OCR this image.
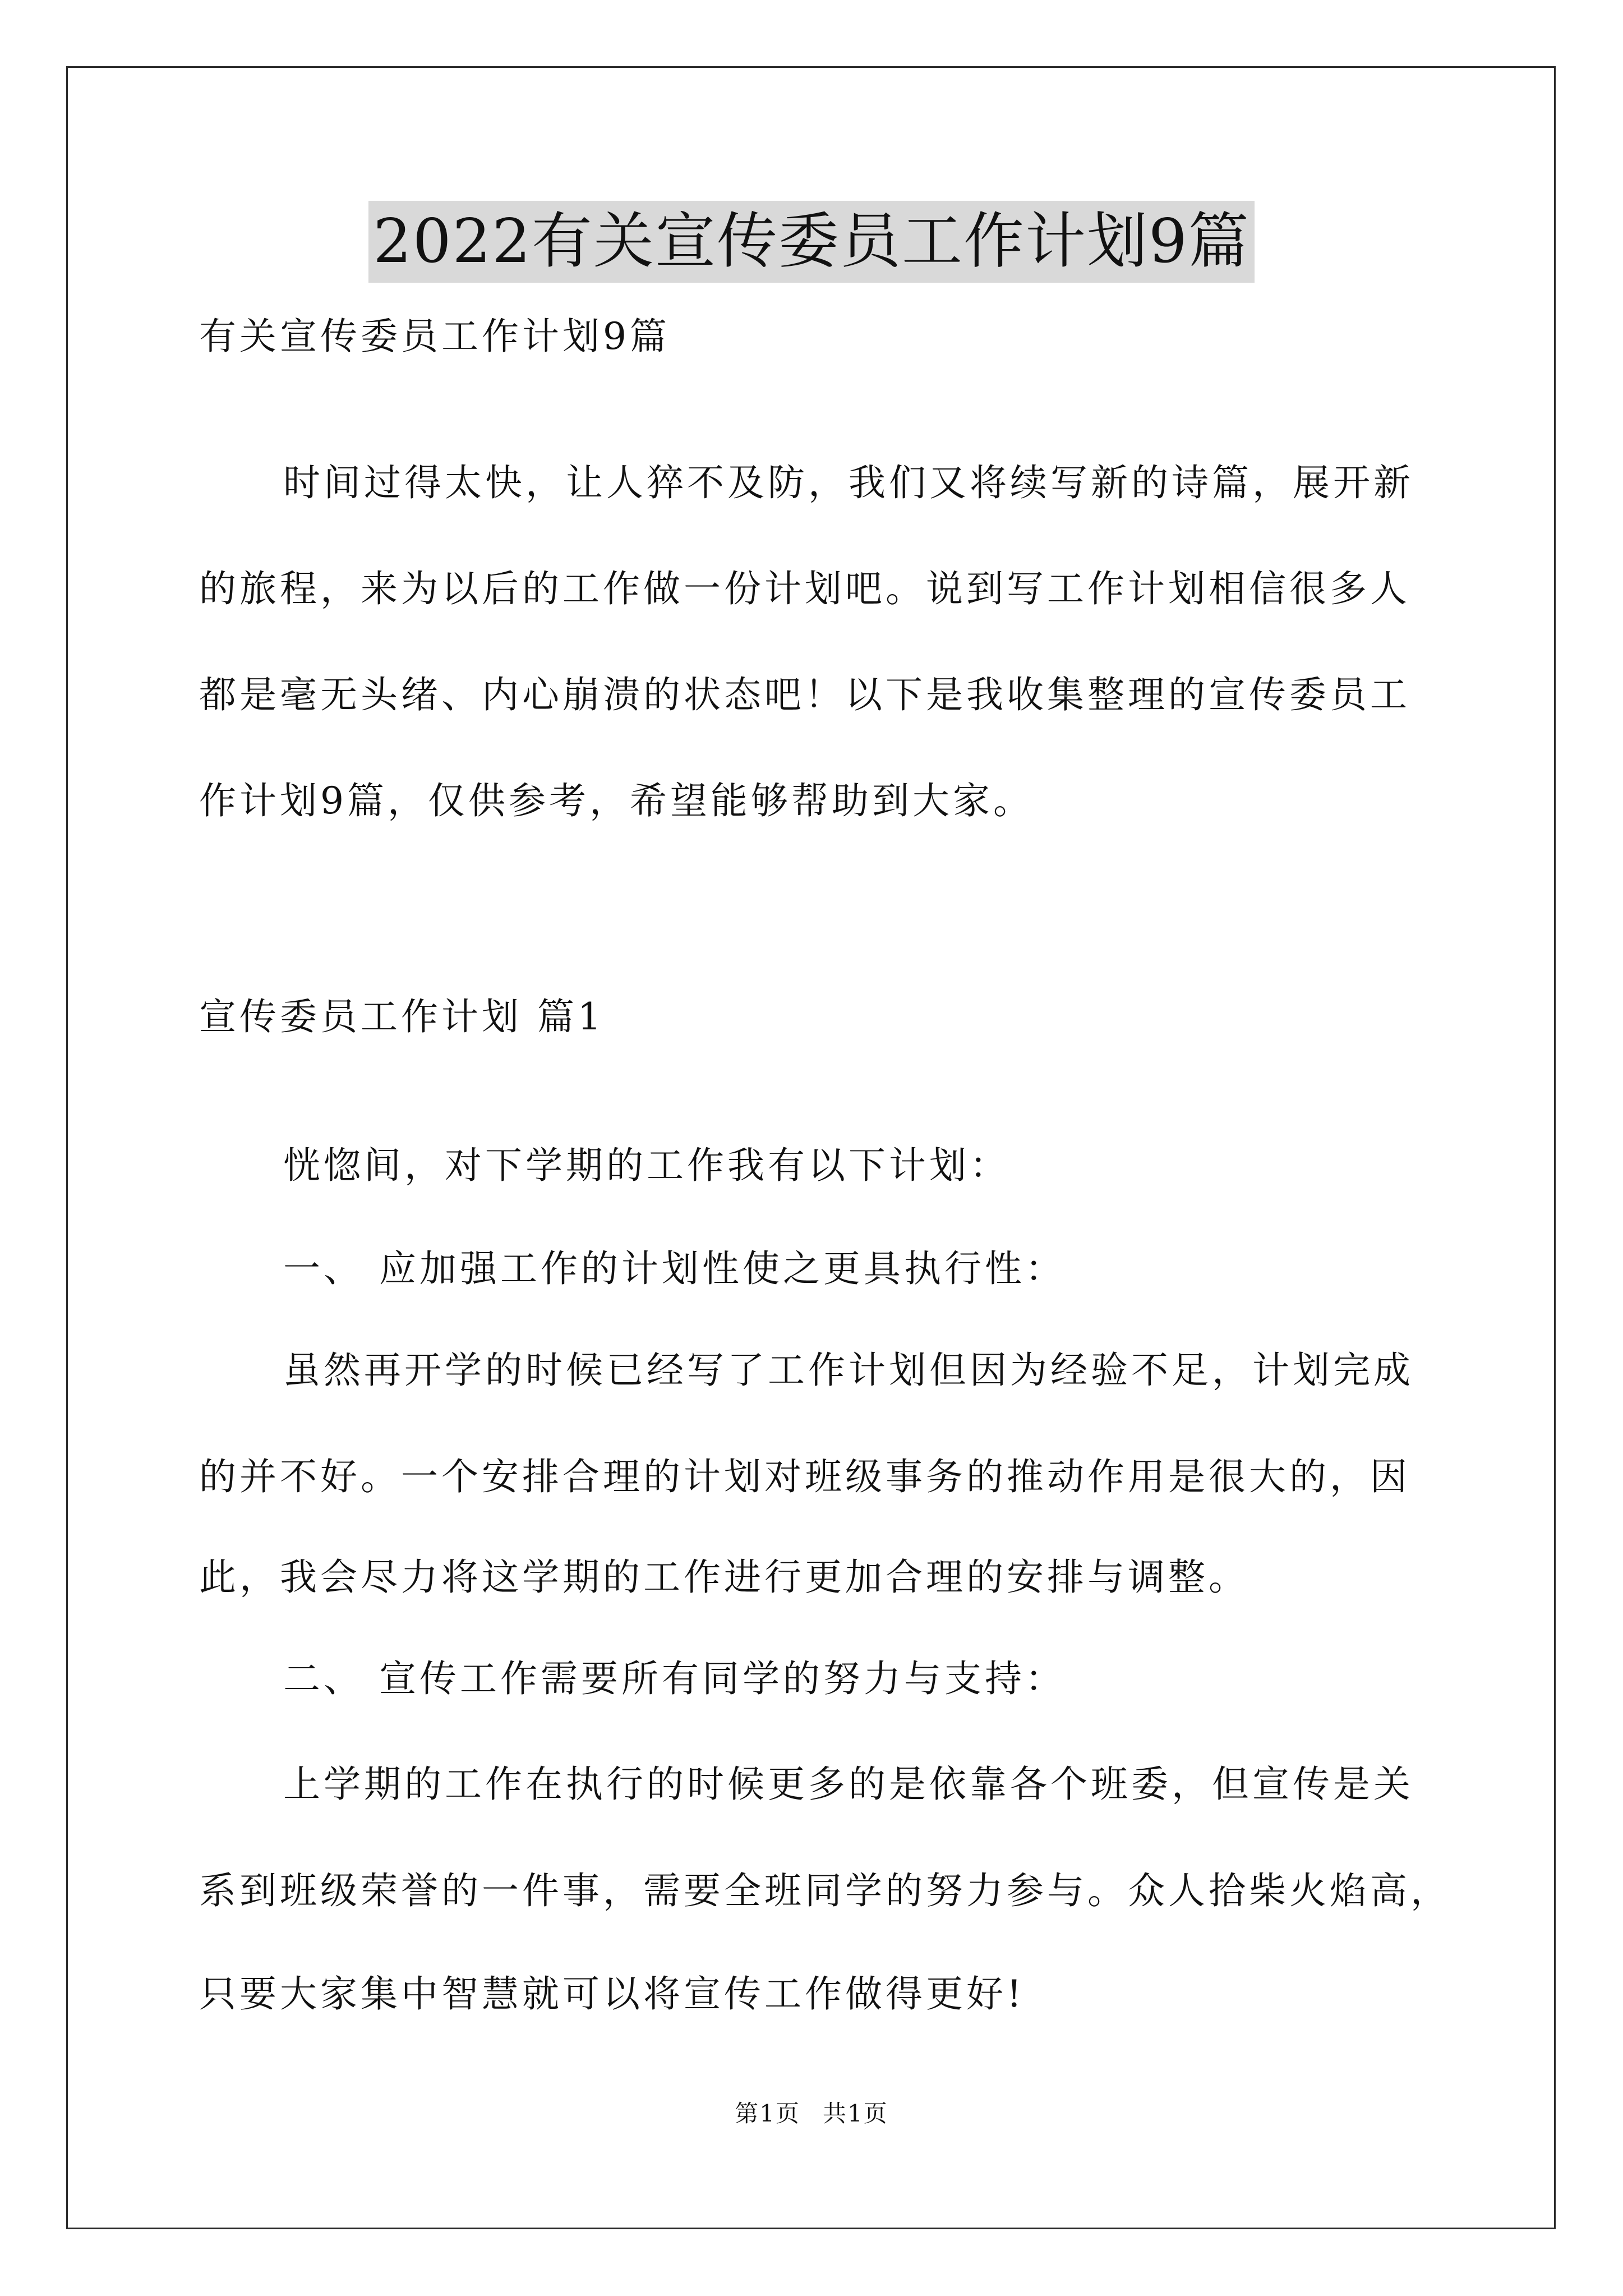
2022有关宣传委员工作计划9篇
有关宣传委员工作计划9篇
时间过得太快，让人猝不及防，我们又将续写新的诗篇，展开新
的旅程，来为以后的工作做一份计划吧。说到写工作计划相信很多人
都是毫无头绪、内心崩溃的状态吧！以下是我收集整理的宣传委员工
作计划9篇，仅供参考，希望能够帮助到大家。
宣传委员工作计划 篇1
恍惚间，对下学期的工作我有以下计划：
一、 应加强工作的计划性使之更具执行性：
虽然再开学的时候已经写了工作计划但因为经验不足，计划完成
的并不好。一个安排合理的计划对班级事务的推动作用是很大的，因
此，我会尽力将这学期的工作进行更加合理的安排与调整。
二、 宣传工作需要所有同学的努力与支持：
上学期的工作在执行的时候更多的是依靠各个班委，但宣传是关
系到班级荣誉的一件事，需要全班同学的努力参与。众人拾柴火焰高，
只要大家集中智慧就可以将宣传工作做得更好!
第1页 共1页
